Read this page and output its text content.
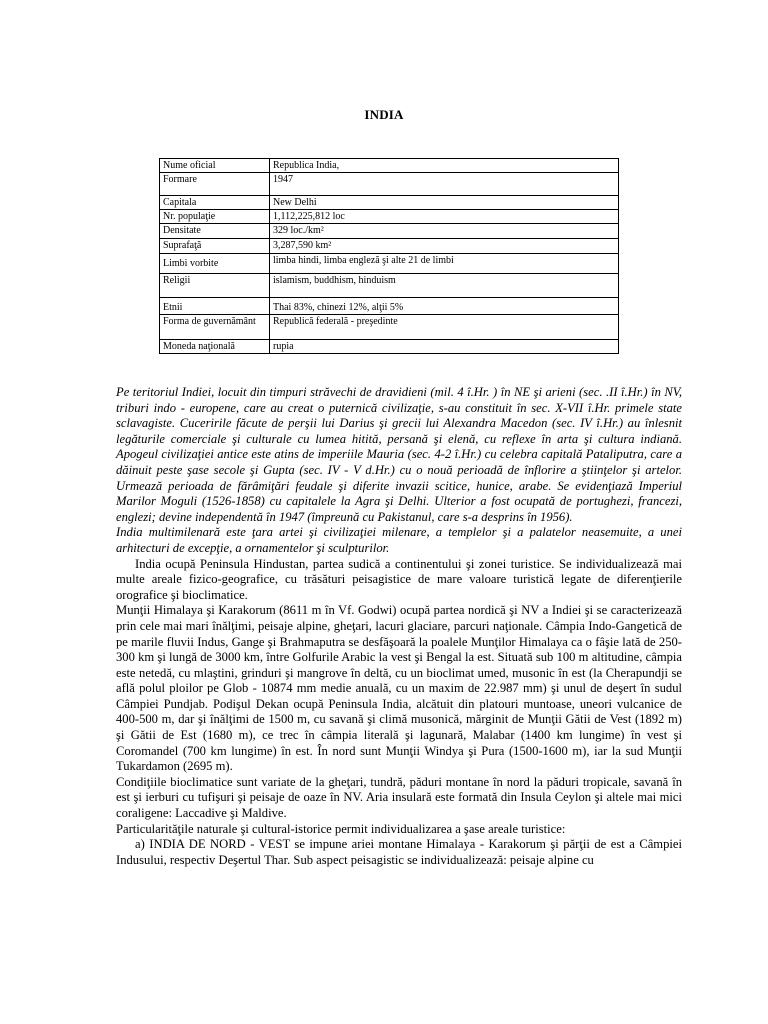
INDIA
Nume oficial	Republica India,
Formare	1947
Capitala	New Delhi
Nr. populaţie	1,112,225,812 loc
Densitate	329 loc./km²
Suprafaţă	3,287,590 km²
Limbi vorbite	limba hindi, limba engleză şi alte 21 de limbi
Religii	islamism, buddhism, hinduism
Etnii	Thai 83%, chinezi 12%, alţii 5%
Forma de guvernământ	Republică federală - preşedinte
Moneda naţională	rupia

Pe teritoriul Indiei, locuit din timpuri străvechi de dravidieni (mil. 4 î.Hr. ) în NE şi arieni (sec. .II î.Hr.) în NV, triburi indo - europene, care au creat o puternică civilizaţie, s-au constituit în sec. X-VII î.Hr. primele state sclavagiste. Cuceririle făcute de perşii lui Darius şi grecii lui Alexandra Macedon (sec. IV î.Hr.) au înlesnit legăturile comerciale şi culturale cu lumea hitită, persană şi elenă, cu reflexe în arta şi cultura indiană. Apogeul civilizaţiei antice este atins de imperiile Mauria (sec. 4-2 î.Hr.) cu celebra capitală Pataliputra, care a dăinuit peste şase secole şi Gupta (sec. IV - V d.Hr.) cu o nouă perioadă de înflorire a ştiinţelor şi artelor. Urmează perioada de fărâmiţări feudale şi diferite invazii scitice, hunice, arabe. Se evidenţiază Imperiul Marilor Moguli (1526-1858) cu capitalele la Agra şi Delhi. Ulterior a fost ocupată de portughezi, francezi, englezi; devine independentă în 1947 (împreună cu Pakistanul, care s-a desprins în 1956).

India multimilenară este ţara artei şi civilizaţiei milenare, a templelor şi a palatelor neasemuite, a unei arhitecturi de excepţie, a ornamentelor şi sculpturilor.

India ocupă Peninsula Hindustan, partea sudică a continentului şi zonei turistice. Se individualizează mai multe areale fizico-geografice, cu trăsături peisagistice de mare valoare turistică legate de diferenţierile orografice şi bioclimatice.

Munţii Himalaya şi Karakorum (8611 m în Vf. Godwi) ocupă partea nordică şi NV a Indiei şi se caracterizează prin cele mai mari înălţimi, peisaje alpine, gheţari, lacuri glaciare, parcuri naţionale. Câmpia Indo-Gangetică de pe marile fluvii Indus, Gange şi Brahmaputra se desfăşoară la poalele Munţilor Himalaya ca o fâşie lată de 250-300 km şi lungă de 3000 km, între Golfurile Arabic la vest şi Bengal la est. Situată sub 100 m altitudine, câmpia este netedă, cu mlaştini, grinduri şi mangrove în deltă, cu un bioclimat umed, musonic în est (la Cherapundji se află polul ploilor pe Glob - 10874 mm medie anuală, cu un maxim de 22.987 mm) şi unul de deşert în sudul Câmpiei Pundjab. Podişul Dekan ocupă Peninsula India, alcătuit din platouri muntoase, uneori vulcanice de 400-500 m, dar şi înălţimi de 1500 m, cu savană şi climă musonică, mărginit de Munţii Gătii de Vest (1892 m) şi Gătii de Est (1680 m), ce trec în câmpia literală şi lagunară, Malabar (1400 km lungime) în vest şi Coromandel (700 km lungime) în est. În nord sunt Munţii Windya şi Pura (1500-1600 m), iar la sud Munţii Tukardamon (2695 m).

Condiţiile bioclimatice sunt variate de la gheţari, tundră, păduri montane în nord la păduri tropicale, savană în est şi ierburi cu tufişuri şi peisaje de oaze în NV. Aria insulară este formată din Insula Ceylon şi altele mai mici coraligene: Laccadive şi Maldive.

Particularităţile naturale şi cultural-istorice permit individualizarea a şase areale turistice:

a) INDIA DE NORD - VEST se impune ariei montane Himalaya - Karakorum şi părţii de est a Câmpiei Indusului, respectiv Deşertul Thar. Sub aspect peisagistic se individualizează: peisaje alpine cu
